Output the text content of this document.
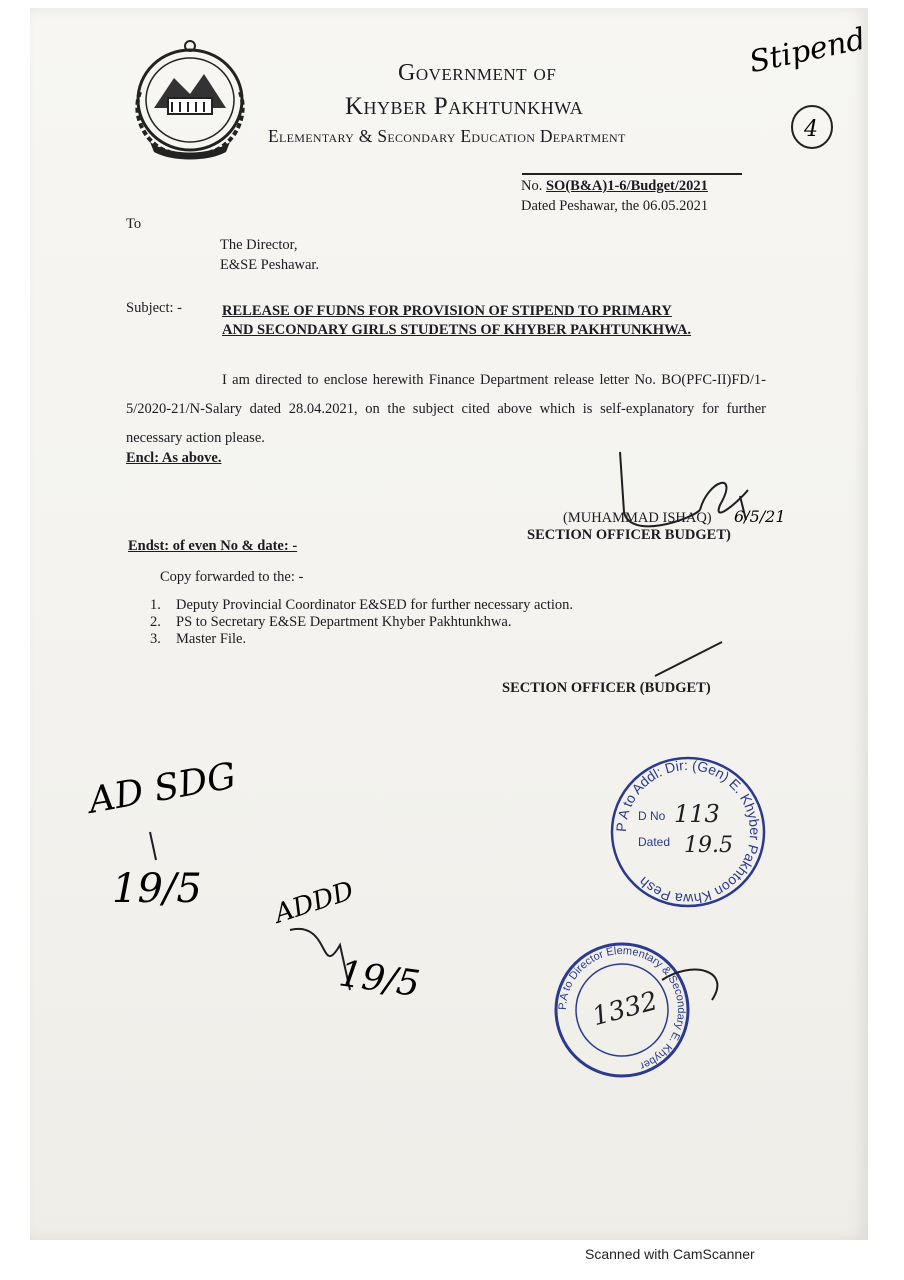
Government of
Khyber Pakhtunkhwa
Elementary & Secondary Education Department
No. SO(B&A)1-6/Budget/2021
Dated Peshawar, the 06.05.2021
To
The Director,
E&SE Peshawar.
Subject: -	RELEASE OF FUDNS FOR PROVISION OF STIPEND TO PRIMARY
AND SECONDARY GIRLS STUDETNS OF KHYBER PAKHTUNKHWA.
I am directed to enclose herewith Finance Department release letter No. BO(PFC-II)FD/1-5/2020-21/N-Salary dated 28.04.2021, on the subject cited above which is self-explanatory for further necessary action please.
Encl: As above.
(MUHAMMAD ISHAQ)
SECTION OFFICER BUDGET)
Endst: of even No & date: -
Copy forwarded to the: -
1. Deputy Provincial Coordinator E&SED for further necessary action.
2. PS to Secretary E&SE Department Khyber Pakhtunkhwa.
3. Master File.
SECTION OFFICER (BUDGET)
Stipend
4
6/5/21
AD SDG
19/5	ADDD
19/5
P A to Addl: Dir: (Gen) E. Khyber Pakhtoon Khwa Pesh
D No 113
Dated 19.5
P.A to Director Elementary & Secondary E. Khyber
1332
Scanned with CamScanner
